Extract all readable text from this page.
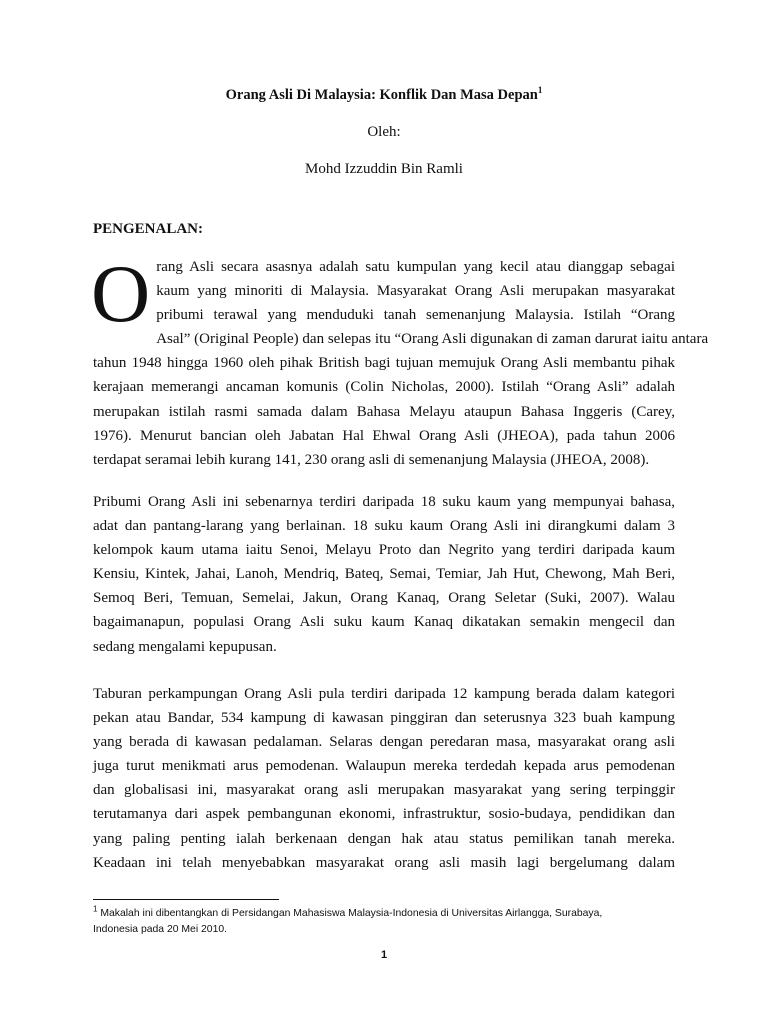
Orang Asli Di Malaysia: Konflik Dan Masa Depan$^1$
Oleh:
Mohd Izzuddin Bin Ramli
PENGENALAN:
O rang Asli secara asasnya adalah satu kumpulan yang kecil atau dianggap sebagai
kaum yang minoriti di Malaysia. Masyarakat Orang Asli merupakan masyarakat
pribumi terawal yang menduduki tanah semenanjung Malaysia. Istilah “Orang
Asal” (Original People) dan selepas itu “Orang Asli digunakan di zaman darurat iaitu antara
tahun 1948 hingga 1960 oleh pihak British bagi tujuan memujuk Orang Asli membantu pihak
kerajaan memerangi ancaman komunis (Colin Nicholas, 2000). Istilah “Orang Asli” adalah
merupakan istilah rasmi samada dalam Bahasa Melayu ataupun Bahasa Inggeris (Carey,
1976). Menurut bancian oleh Jabatan Hal Ehwal Orang Asli (JHEOA), pada tahun 2006
terdapat seramai lebih kurang 141, 230 orang asli di semenanjung Malaysia (JHEOA, 2008).
Pribumi Orang Asli ini sebenarnya terdiri daripada 18 suku kaum yang mempunyai bahasa,
adat dan pantang-larang yang berlainan. 18 suku kaum Orang Asli ini dirangkumi dalam 3
kelompok kaum utama iaitu Senoi, Melayu Proto dan Negrito yang terdiri daripada kaum
Kensiu, Kintek, Jahai, Lanoh, Mendriq, Bateq, Semai, Temiar, Jah Hut, Chewong, Mah Beri,
Semoq Beri, Temuan, Semelai, Jakun, Orang Kanaq, Orang Seletar (Suki, 2007). Walau
bagaimanapun, populasi Orang Asli suku kaum Kanaq dikatakan semakin mengecil dan
sedang mengalami kepupusan.
Taburan perkampungan Orang Asli pula terdiri daripada 12 kampung berada dalam kategori
pekan atau Bandar, 534 kampung di kawasan pinggiran dan seterusnya 323 buah kampung
yang berada di kawasan pedalaman. Selaras dengan peredaran masa, masyarakat orang asli
juga turut menikmati arus pemodenan. Walaupun mereka terdedah kepada arus pemodenan
dan globalisasi ini, masyarakat orang asli merupakan masyarakat yang sering terpinggir
terutamanya dari aspek pembangunan ekonomi, infrastruktur, sosio-budaya, pendidikan dan
yang paling penting ialah berkenaan dengan hak atau status pemilikan tanah mereka.
Keadaan ini telah menyebabkan masyarakat orang asli masih lagi bergelumang dalam
$^1$ Makalah ini dibentangkan di Persidangan Mahasiswa Malaysia-Indonesia di Universitas Airlangga, Surabaya,
Indonesia pada 20 Mei 2010.
1
